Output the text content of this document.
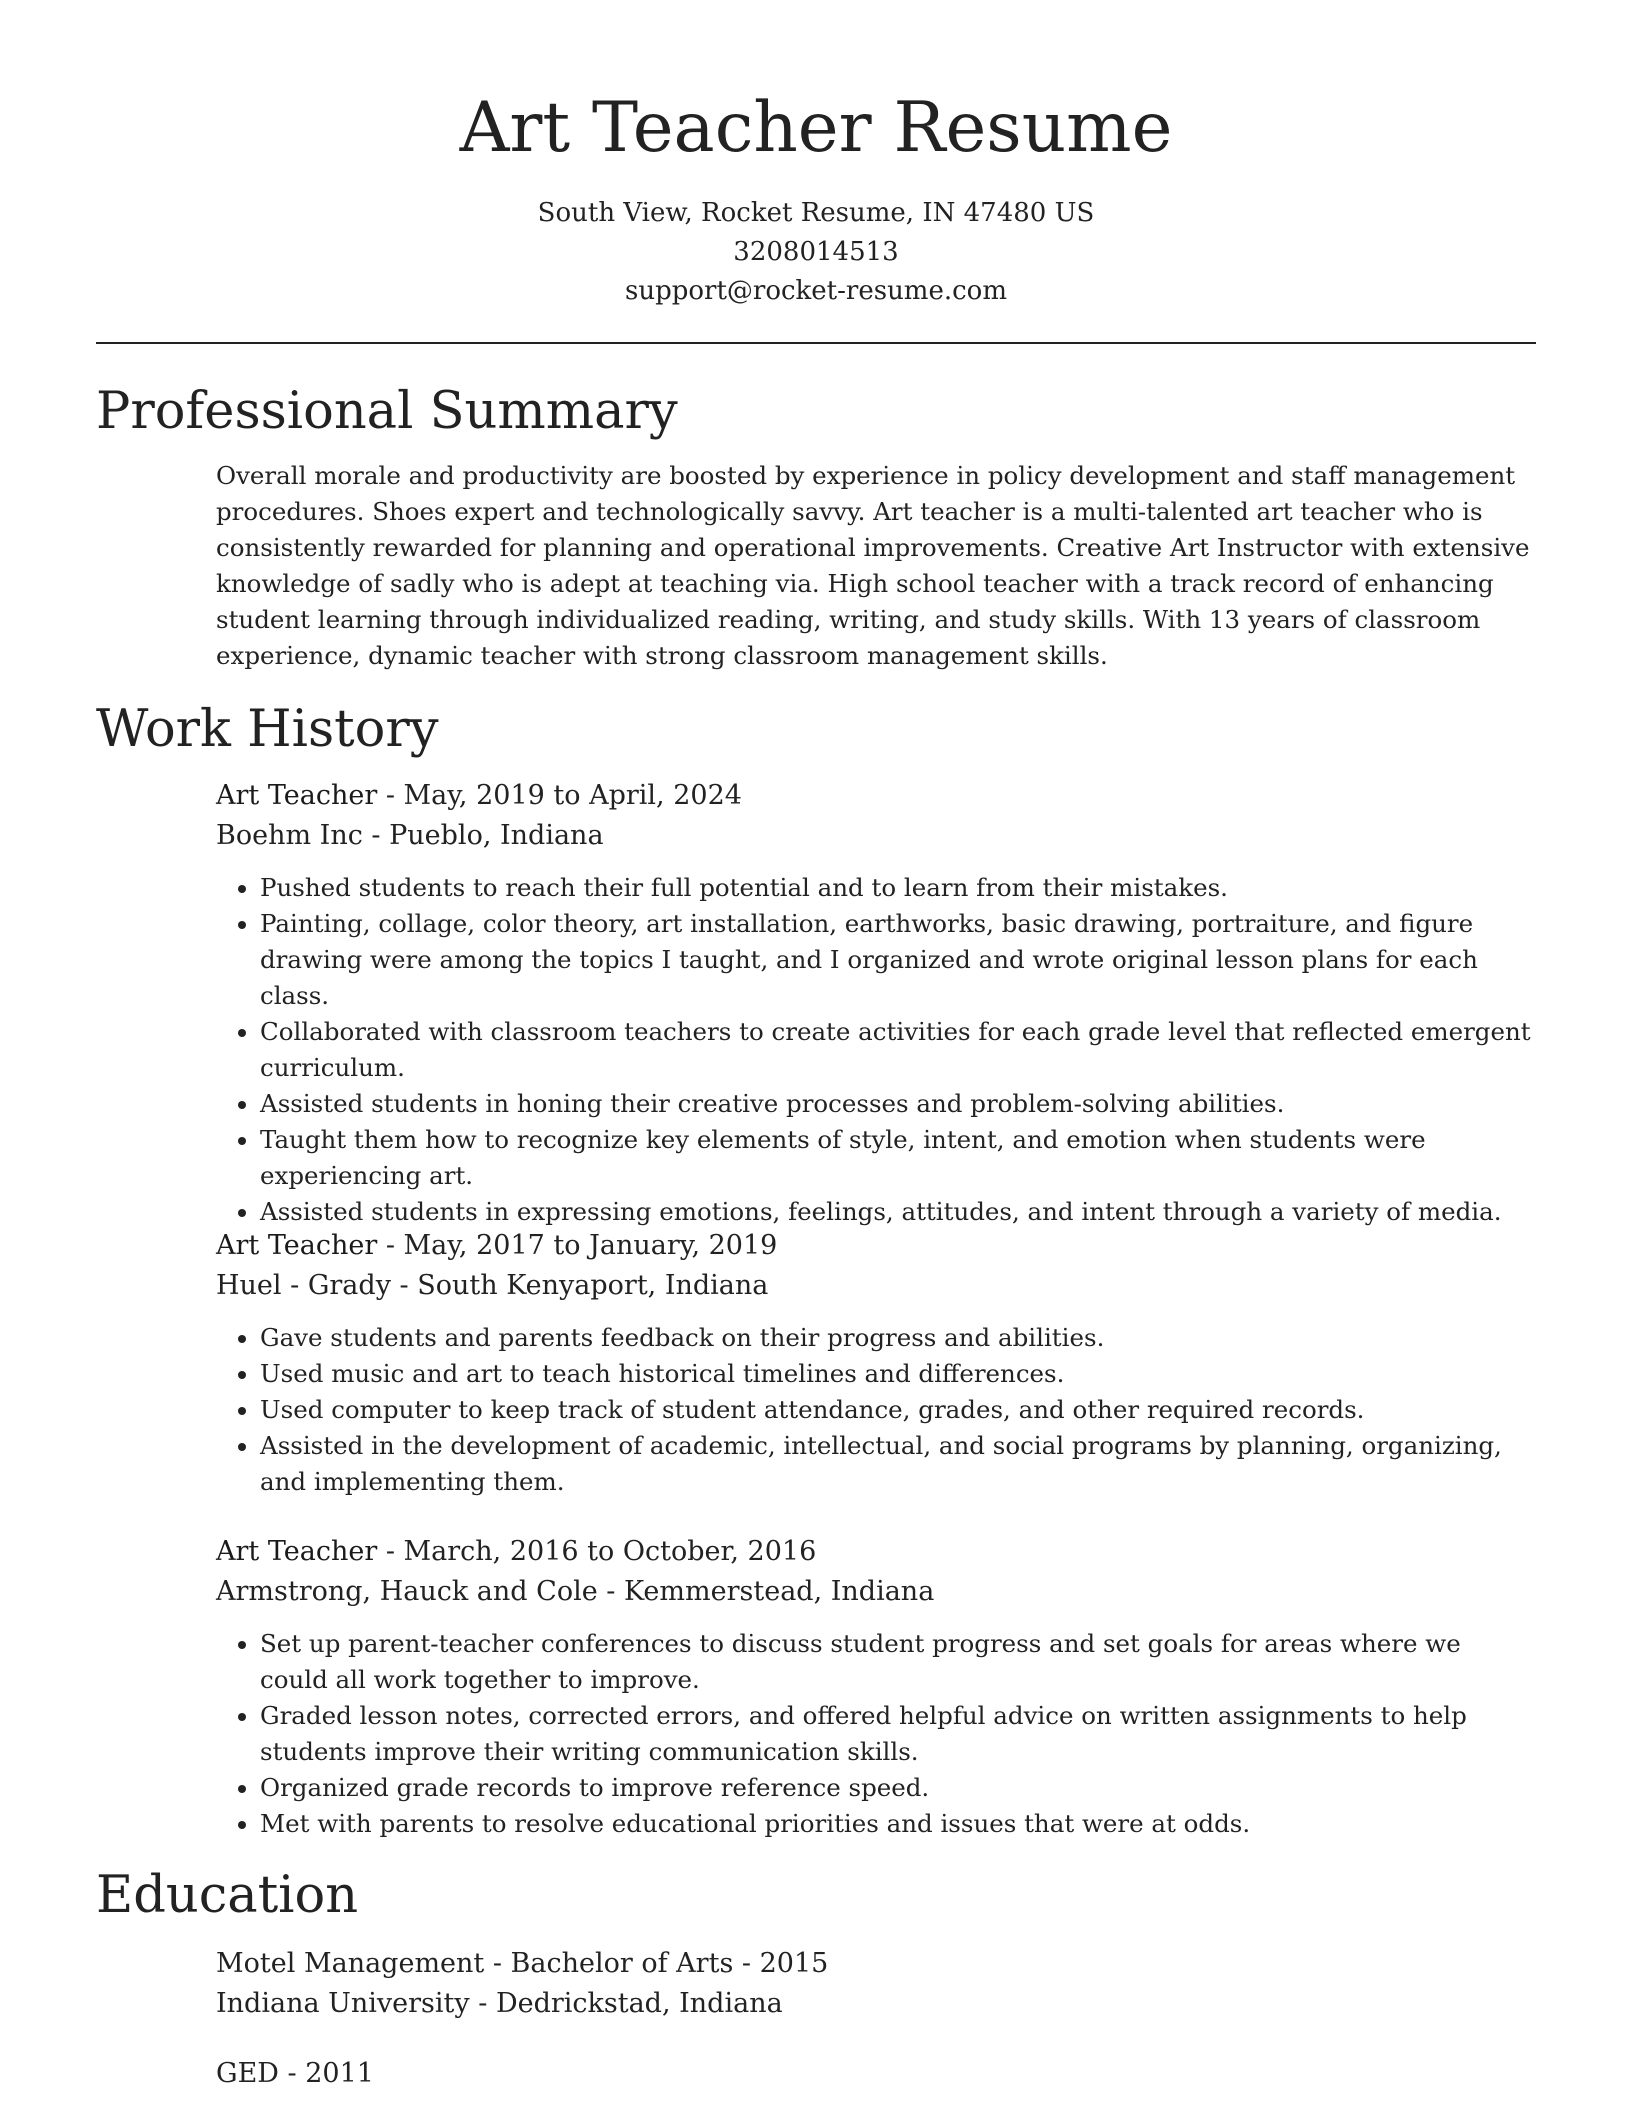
Art Teacher Resume
South View, Rocket Resume, IN 47480 US
3208014513
support@rocket-resume.com
Professional Summary

Overall morale and productivity are boosted by experience in policy development and staff management procedures. Shoes expert and technologically savvy. Art teacher is a multi-talented art teacher who is consistently rewarded for planning and operational improvements. Creative Art Instructor with extensive knowledge of sadly who is adept at teaching via. High school teacher with a track record of enhancing student learning through individualized reading, writing, and study skills. With 13 years of classroom experience, dynamic teacher with strong classroom management skills.

Work History
Art Teacher - May, 2019 to April, 2024
Boehm Inc - Pueblo, Indiana
• Pushed students to reach their full potential and to learn from their mistakes.
• Painting, collage, color theory, art installation, earthworks, basic drawing, portraiture, and figure drawing were among the topics I taught, and I organized and wrote original lesson plans for each class.
• Collaborated with classroom teachers to create activities for each grade level that reflected emergent curriculum.
• Assisted students in honing their creative processes and problem-solving abilities.
• Taught them how to recognize key elements of style, intent, and emotion when students were experiencing art.
• Assisted students in expressing emotions, feelings, attitudes, and intent through a variety of media.
Art Teacher - May, 2017 to January, 2019
Huel - Grady - South Kenyaport, Indiana
• Gave students and parents feedback on their progress and abilities.
• Used music and art to teach historical timelines and differences.
• Used computer to keep track of student attendance, grades, and other required records.
• Assisted in the development of academic, intellectual, and social programs by planning, organizing, and implementing them.
Art Teacher - March, 2016 to October, 2016
Armstrong, Hauck and Cole - Kemmerstead, Indiana
• Set up parent-teacher conferences to discuss student progress and set goals for areas where we could all work together to improve.
• Graded lesson notes, corrected errors, and offered helpful advice on written assignments to help students improve their writing communication skills.
• Organized grade records to improve reference speed.
• Met with parents to resolve educational priorities and issues that were at odds.
Education
Motel Management - Bachelor of Arts - 2015
Indiana University - Dedrickstad, Indiana
GED - 2011
